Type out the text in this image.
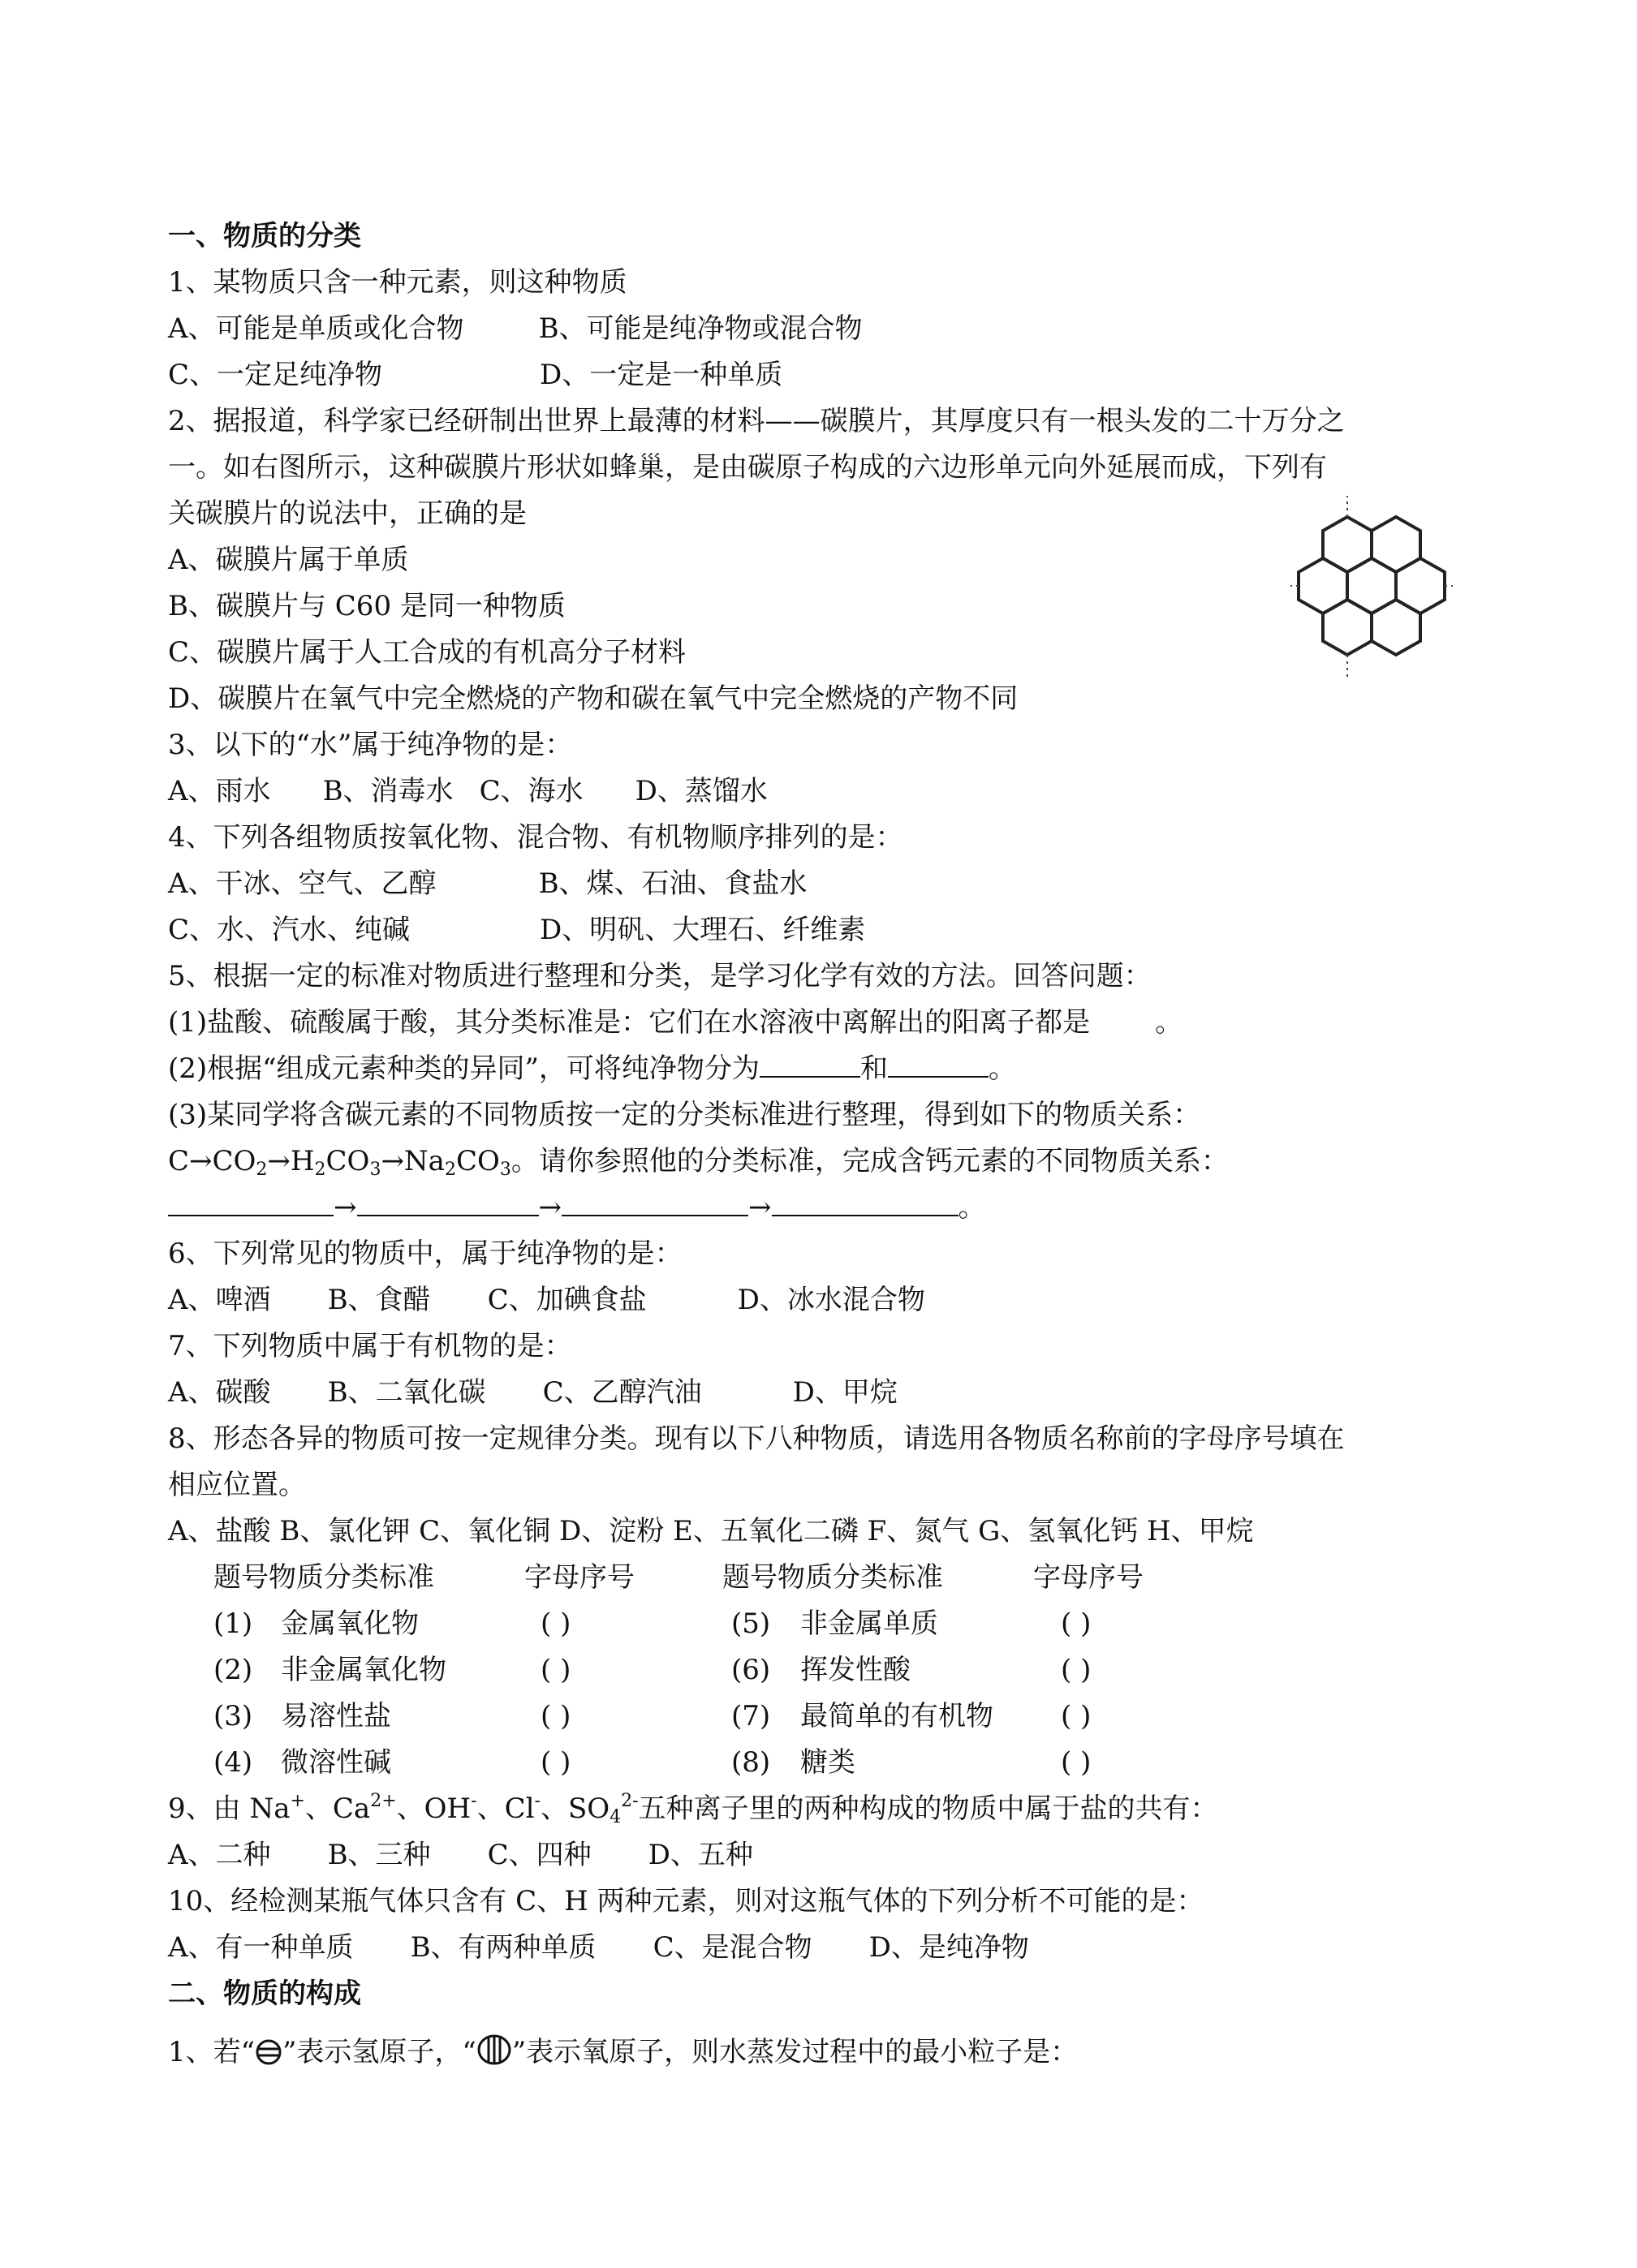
一、物质的分类
1、某物质只含一种元素，则这种物质
A、可能是单质或化合物	B、可能是纯净物或混合物
C、一定足纯净物	D、一定是一种单质
2、据报道，科学家已经研制出世界上最薄的材料——碳膜片，其厚度只有一根头发的二十万分之
一。如右图所示，这种碳膜片形状如蜂巢，是由碳原子构成的六边形单元向外延展而成，下列有
关碳膜片的说法中，正确的是
A、碳膜片属于单质
B、碳膜片与 C60 是同一种物质
C、碳膜片属于人工合成的有机高分子材料
D、碳膜片在氧气中完全燃烧的产物和碳在氧气中完全燃烧的产物不同
3、以下的“水”属于纯净物的是：
A、雨水 B、消毒水 C、海水 D、蒸馏水
4、下列各组物质按氧化物、混合物、有机物顺序排列的是：
A、干冰、空气、乙醇	B、煤、石油、食盐水
C、水、汽水、纯碱	D、明矾、大理石、纤维素
5、根据一定的标准对物质进行整理和分类，是学习化学有效的方法。回答问题：
(1)盐酸、硫酸属于酸，其分类标准是：它们在水溶液中离解出的阳离子都是 。
(2)根据“组成元素种类的异同”，可将纯净物分为	和	。
(3)某同学将含碳元素的不同物质按一定的分类标准进行整理，得到如下的物质关系：
$C\to CO_2\to H_2CO_3\to Na_2CO_3$。请你参照他的分类标准，完成含钙元素的不同物质关系：
→	→	→	。
6、下列常见的物质中，属于纯净物的是：
A、啤酒 B、食醋 C、加碘食盐	D、冰水混合物
7、下列物质中属于有机物的是：
A、碳酸 B、二氧化碳 C、乙醇汽油	D、甲烷
8、形态各异的物质可按一定规律分类。现有以下八种物质，请选用各物质名称前的字母序号填在
相应位置。
A、盐酸 B、氯化钾 C、氧化铜 D、淀粉 E、五氧化二磷 F、氮气 G、氢氧化钙 H、甲烷
题号物质分类标准	字母序号	题号物质分类标准	字母序号
(1) 金属氧化物	( )	(5) 非金属单质	( )
(2) 非金属氧化物	( )	(6) 挥发性酸	( )
(3) 易溶性盐	( )	(7) 最简单的有机物 ( )
(4) 微溶性碱	( )	(8) 糖类	( )
9、由 Na+、$Ca^{2+}$、OH-、Cl-、$SO_4^{2-}$五种离子里的两种构成的物质中属于盐的共有：
A、二种 B、三种 C、四种 D、五种
10、经检测某瓶气体只含有 C、H 两种元素，则对这瓶气体的下列分析不可能的是：
A、有一种单质 B、有两种单质 C、是混合物 D、是纯净物
二、物质的构成
1、若“ ”表示氢原子，“ ”表示氧原子，则水蒸发过程中的最小粒子是：
